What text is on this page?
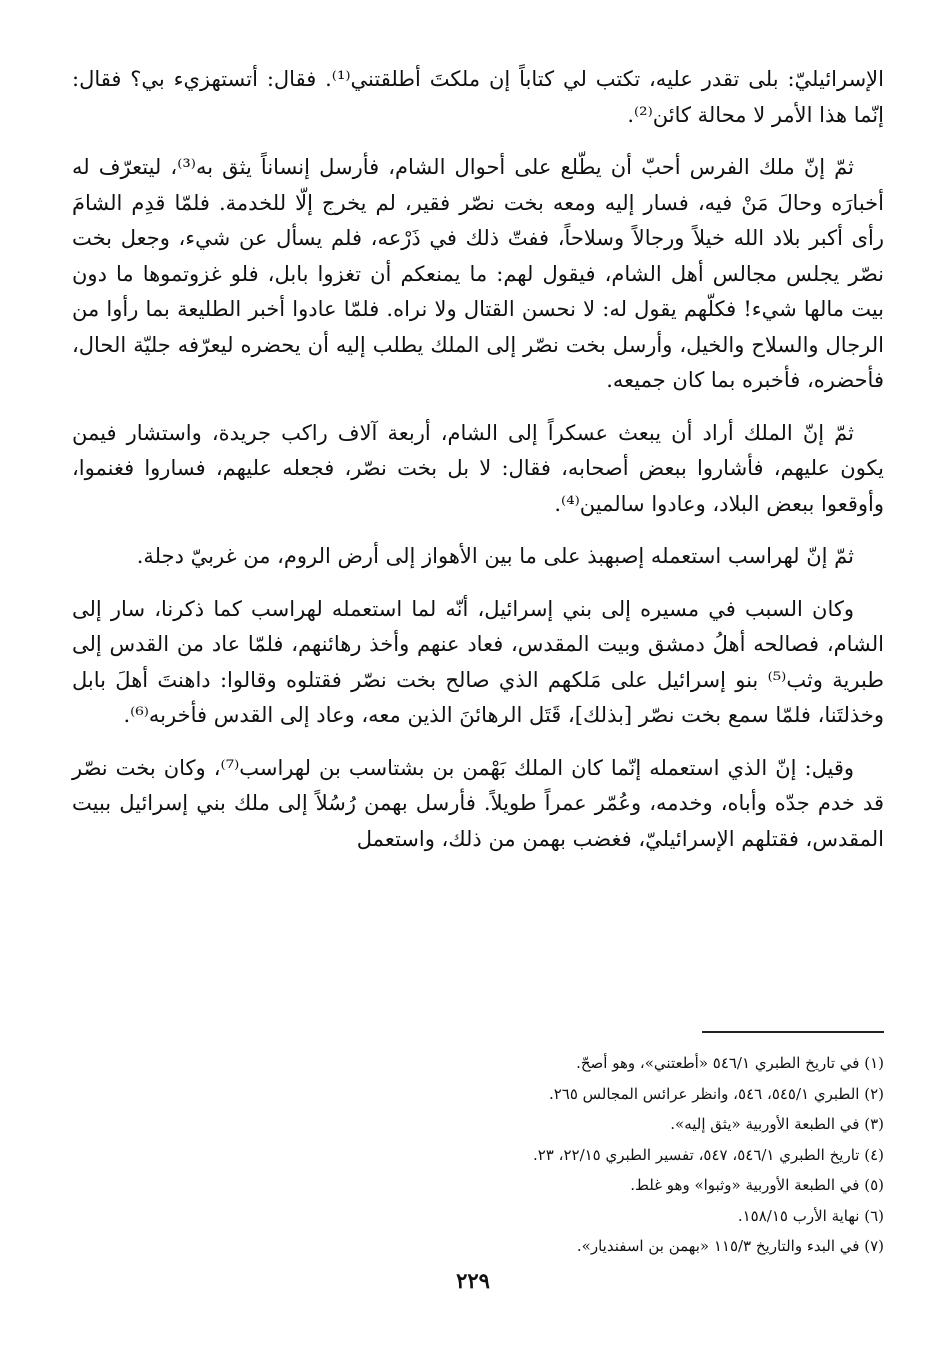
الإسرائيليّ: بلى تقدر عليه، تكتب لي كتاباً إن ملكتَ أطلقتني⁽¹⁾. فقال: أتستهزيء بي؟ فقال: إنّما هذا الأمر لا محالة كائن⁽²⁾.

ثمّ إنّ ملك الفرس أحبّ أن يطّلع على أحوال الشام، فأرسل إنساناً يثق به⁽³⁾، ليتعرّف له أخبارَه وحالَ مَنْ فيه، فسار إليه ومعه بخت نصّر فقير، لم يخرج إلّا للخدمة. فلمّا قدِم الشامَ رأى أكبر بلاد الله خيلاً ورجالاً وسلاحاً، ففتّ ذلك في ذَرْعه، فلم يسأل عن شيء، وجعل بخت نصّر يجلس مجالس أهل الشام، فيقول لهم: ما يمنعكم أن تغزوا بابل، فلو غزوتموها ما دون بيت مالها شيء! فكلّهم يقول له: لا نحسن القتال ولا نراه. فلمّا عادوا أخبر الطليعة بما رأوا من الرجال والسلاح والخيل، وأرسل بخت نصّر إلى الملك يطلب إليه أن يحضره ليعرّفه جليّة الحال، فأحضره، فأخبره بما كان جميعه.

ثمّ إنّ الملك أراد أن يبعث عسكراً إلى الشام، أربعة آلاف راكب جريدة، واستشار فيمن يكون عليهم، فأشاروا ببعض أصحابه، فقال: لا بل بخت نصّر، فجعله عليهم، فساروا فغنموا، وأوقعوا ببعض البلاد، وعادوا سالمين⁽⁴⁾.

ثمّ إنّ لهراسب استعمله إصبهبذ على ما بين الأهواز إلى أرض الروم، من غربيّ دجلة.

وكان السبب في مسيره إلى بني إسرائيل، أنّه لما استعمله لهراسب كما ذكرنا، سار إلى الشام، فصالحه أهلُ دمشق وبيت المقدس، فعاد عنهم وأخذ رهائنهم، فلمّا عاد من القدس إلى طبرية وثب⁽⁵⁾ بنو إسرائيل على مَلكهم الذي صالح بخت نصّر فقتلوه وقالوا: داهنتَ أهلَ بابل وخذلتَنا، فلمّا سمع بخت نصّر [بذلك]، قَتَل الرهائنَ الذين معه، وعاد إلى القدس فأخربه⁽⁶⁾.

وقيل: إنّ الذي استعمله إنّما كان الملك بَهْمن بن بشتاسب بن لهراسب⁽⁷⁾، وكان بخت نصّر قد خدم جدّه وأباه، وخدمه، وعُمّر عمراً طويلاً. فأرسل بهمن رُسُلاً إلى ملك بني إسرائيل ببيت المقدس، فقتلهم الإسرائيليّ، فغضب بهمن من ذلك، واستعمل

(١) في تاريخ الطبري ٥٤٦/١ «أطعتني»، وهو أصحّ.

(٢) الطبري ٥٤٥/١، ٥٤٦، وانظر عرائس المجالس ٢٦٥.

(٣) في الطبعة الأوربية «يثق إليه».

(٤) تاريخ الطبري ٥٤٦/١، ٥٤٧، تفسير الطبري ٢٢/١٥، ٢٣.

(٥) في الطبعة الأوربية «وثبوا» وهو غلط.

(٦) نهاية الأرب ١٥٨/١٥.

(٧) في البدء والتاريخ ١١٥/٣ «بهمن بن اسفنديار».

٢٢٩
